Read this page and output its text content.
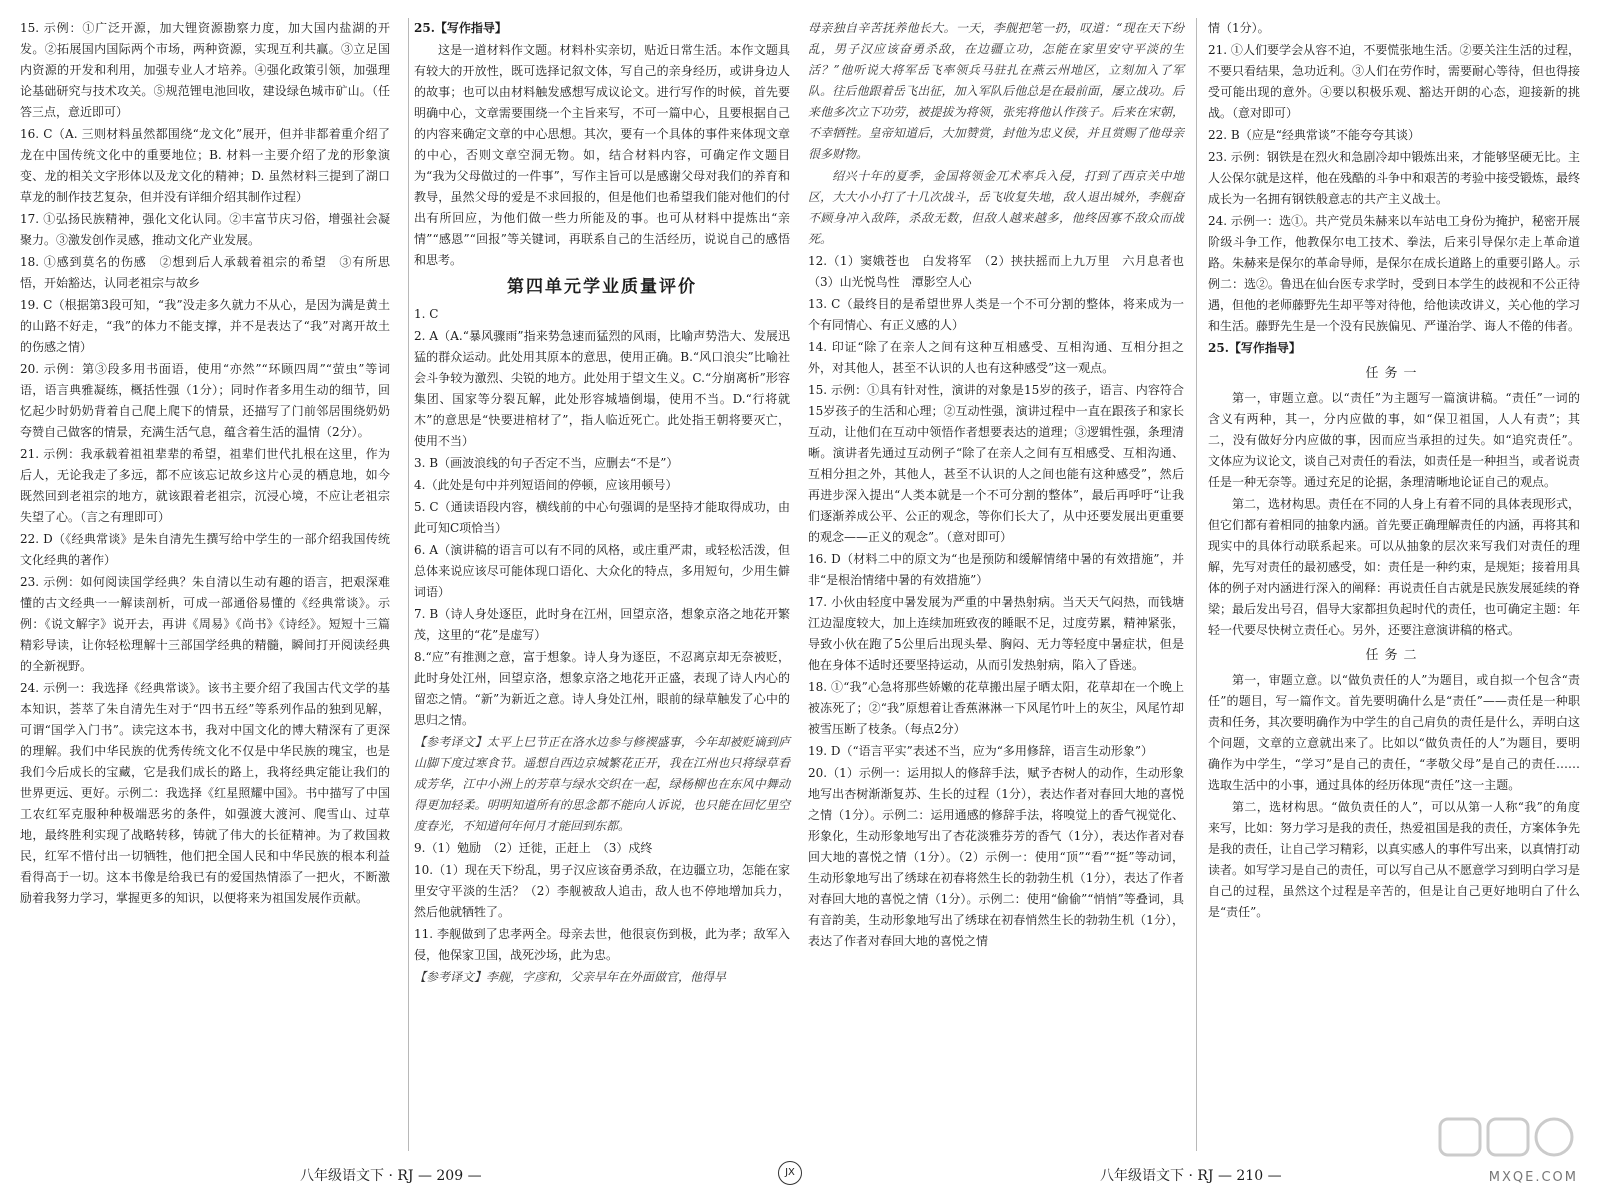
15. 示例：①广泛开源，加大锂资源勘察力度，加大国内盐湖的开发。②拓展国内国际两个市场，两种资源，实现互利共赢。③立足国内资源的开发和利用，加强专业人才培养。④强化政策引领，加强理论基础研究与技术攻关。⑤规范锂电池回收，建设绿色城市矿山。（任答三点，意近即可）

16. C（A. 三则材料虽然都围绕“龙文化”展开，但并非都着重介绍了龙在中国传统文化中的重要地位；B. 材料一主要介绍了龙的形象演变、龙的相关文字形体以及龙文化的精神；D. 虽然材料三提到了湖口草龙的制作技艺复杂，但并没有详细介绍其制作过程）

17. ①弘扬民族精神，强化文化认同。②丰富节庆习俗，增强社会凝聚力。③激发创作灵感，推动文化产业发展。

18. ①感到莫名的伤感　②想到后人承载着祖宗的希望　③有所思悟，开始豁达，认同老祖宗与故乡

19. C（根据第3段可知，“我”没走多久就力不从心，是因为满是黄土的山路不好走，“我”的体力不能支撑，并不是表达了“我”对离开故土的伤感之情）

20. 示例：第③段多用书面语，使用“亦然”“环顾四周”“萤虫”等词语，语言典雅凝练，概括性强（1分）；同时作者多用生动的细节，回忆起少时奶奶背着自己爬上爬下的情景，还描写了门前邻居围绕奶奶夸赞自己做客的情景，充满生活气息，蕴含着生活的温情（2分）。

21. 示例：我承载着祖祖辈辈的希望，祖辈们世代扎根在这里，作为后人，无论我走了多远，都不应该忘记故乡这片心灵的栖息地，如今既然回到老祖宗的地方，就该跟着老祖宗，沉浸心境，不应让老祖宗失望了心。（言之有理即可）

22. D（《经典常谈》是朱自清先生撰写给中学生的一部介绍我国传统文化经典的著作）

23. 示例：如何阅读国学经典？朱自清以生动有趣的语言，把艰深难懂的古文经典一一解读剖析，可成一部通俗易懂的《经典常谈》。示例：《说文解字》说开去，再讲《周易》《尚书》《诗经》。短短十三篇精彩导读，让你轻松理解十三部国学经典的精髓，瞬间打开阅读经典的全新视野。

24. 示例一：我选择《经典常谈》。该书主要介绍了我国古代文学的基本知识，荟萃了朱自清先生对于“四书五经”等系列作品的独到见解，可谓“国学入门书”。读完这本书，我对中国文化的博大精深有了更深的理解。我们中华民族的优秀传统文化不仅是中华民族的瑰宝，也是我们今后成长的宝藏，它是我们成长的路上，我将经典定能让我们的世界更远、更好。示例二：我选择《红星照耀中国》。书中描写了中国工农红军克服种种极端恶劣的条件，如强渡大渡河、爬雪山、过草地，最终胜利实现了战略转移，铸就了伟大的长征精神。为了救国救民，红军不惜付出一切牺牲，他们把全国人民和中华民族的根本利益看得高于一切。这本书像是给我已有的爱国热情添了一把火，不断激励着我努力学习，掌握更多的知识，以便将来为祖国发展作贡献。

25.【写作指导】

这是一道材料作文题。材料朴实亲切，贴近日常生活。本作文题具有较大的开放性，既可选择记叙文体，写自己的亲身经历，或讲身边人的故事；也可以由材料触发感想写成议论文。进行写作的时候，首先要明确中心，文章需要围绕一个主旨来写，不可一篇中心，且要根据自己的内容来确定文章的中心思想。其次，要有一个具体的事件来体现文章的中心，否则文章空洞无物。如，结合材料内容，可确定作文题目为“我为父母做过的一件事”，写作主旨可以是感谢父母对我们的养育和教导，虽然父母的爱是不求回报的，但是他们也希望我们能对他们的付出有所回应，为他们做一些力所能及的事。也可从材料中提炼出“亲情”“感恩”“回报”等关键词，再联系自己的生活经历，说说自己的感悟和思考。

第四单元学业质量评价

1. C

2. A（A.“暴风骤雨”指来势急速而猛烈的风雨，比喻声势浩大、发展迅猛的群众运动。此处用其原本的意思，使用正确。B.“风口浪尖”比喻社会斗争较为激烈、尖锐的地方。此处用于望文生义。C.“分崩离析”形容集团、国家等分裂瓦解，此处形容城墙倒塌，使用不当。D.“行将就木”的意思是“快要进棺材了”，指人临近死亡。此处指王朝将要灭亡，使用不当）

3. B（画波浪线的句子否定不当，应删去“不是”）

4.（此处是句中并列短语间的停顿，应该用顿号）

5. C（通读语段内容，横线前的中心句强调的是坚持才能取得成功，由此可知C项恰当）

6. A（演讲稿的语言可以有不同的风格，或庄重严肃，或轻松活泼，但总体来说应该尽可能体现口语化、大众化的特点，多用短句，少用生僻词语）

7. B（诗人身处逐臣，此时身在江州，回望京洛，想象京洛之地花开繁茂，这里的“花”是虚写）

8.“应”有推测之意，富于想象。诗人身为逐臣，不忍离京却无奈被贬，此时身处江州，回望京洛，想象京洛之地花开正盛，表现了诗人内心的留恋之情。“新”为新近之意。诗人身处江州，眼前的绿草触发了心中的思归之情。

【参考译文】太平上巳节正在洛水边参与修禊盛事，今年却被贬谪到庐山脚下度过寒食节。遥想自西边京城繁花正开，我在江州也只将绿草看成芳华，江中小洲上的芳草与绿水交织在一起，绿杨柳也在东风中舞动得更加轻柔。明明知道所有的思念都不能向人诉说，也只能在回忆里空度春光，不知道何年何月才能回到东都。

9.（1）勉励　（2）迁徙，正赶上　（3）戍终

10.（1）现在天下纷乱，男子汉应该奋勇杀敌，在边疆立功，怎能在家里安守平淡的生活？（2）李舰被敌人追击，敌人也不停地增加兵力，然后他就牺牲了。

11. 李舰做到了忠孝两全。母亲去世，他很哀伤到极，此为孝；敌军入侵，他保家卫国，战死沙场，此为忠。

【参考译文】李舰，字彦和，父亲早年在外面做官，他得早

母亲独自辛苦抚养他长大。一天，李舰把笔一扔，叹道：“现在天下纷乱，男子汉应该奋勇杀敌，在边疆立功，怎能在家里安守平淡的生活？”他听说大将军岳飞率领兵马驻扎在燕云州地区，立刻加入了军队。往后他跟着岳飞出征，加入军队后他总是在最前面，屡立战功。后来他多次立下功劳，被提拔为将领，张宪将他认作孩子。后来在宋朝，不幸牺牲。皇帝知道后，大加赞赏，封他为忠义侯，并且赏赐了他母亲很多财物。

绍兴十年的夏季，金国将领金兀术率兵入侵，打到了西京关中地区，大大小小打了十几次战斗，岳飞收复失地，敌人退出城外，李舰奋不顾身冲入敌阵，杀敌无数，但敌人越来越多，他终因寡不敌众而战死。

12.（1）窦娥苍也　白发将军　（2）挟扶摇而上九万里　六月息者也　（3）山光悦鸟性　潭影空人心

13. C（最终目的是希望世界人类是一个不可分割的整体，将来成为一个有同情心、有正义感的人）

14. 印证“除了在亲人之间有这种互相感受、互相沟通、互相分担之外，对其他人，甚至不认识的人也有这种感受”这一观点。

15. 示例：①具有针对性，演讲的对象是15岁的孩子，语言、内容符合15岁孩子的生活和心理；②互动性强，演讲过程中一直在跟孩子和家长互动，让他们在互动中领悟作者想要表达的道理；③逻辑性强，条理清晰。演讲者先通过互动例子“除了在亲人之间有互相感受、互相沟通、互相分担之外，其他人，甚至不认识的人之间也能有这种感受”，然后再进步深入提出“人类本就是一个不可分割的整体”，最后再呼吁“让我们逐渐养成公平、公正的观念，等你们长大了，从中还要发展出更重要的观念——正义的观念”。（意对即可）

16. D（材料二中的原文为“也是预防和缓解情绪中暑的有效措施”，并非“是根治情绪中暑的有效措施”）

17. 小伙由轻度中暑发展为严重的中暑热射病。当天天气闷热，而钱塘江边湿度较大，加上连续加班致夜的睡眠不足，过度劳累，精神紧张，导致小伙在跑了5公里后出现头晕、胸闷、无力等轻度中暑症状，但是他在身体不适时还要坚持运动，从而引发热射病，陷入了昏迷。

18. ①“我”心急将那些娇嫩的花草搬出屋子晒太阳，花草却在一个晚上被冻死了；②“我”原想着让香蕉淋淋一下风尾竹叶上的灰尘，风尾竹却被雪压断了枝条。（每点2分）

19. D（“语言平实”表述不当，应为“多用修辞，语言生动形象”）

20.（1）示例一：运用拟人的修辞手法，赋予杏树人的动作，生动形象地写出杏树渐渐复苏、生长的过程（1分），表达作者对春回大地的喜悦之情（1分）。示例二：运用通感的修辞手法，将嗅觉上的香气视觉化、形象化，生动形象地写出了杏花淡雅芬芳的香气（1分），表达作者对春回大地的喜悦之情（1分）。（2）示例一：使用“顶”“看”“挺”等动词，生动形象地写出了绣球在初春将然生长的勃勃生机（1分），表达了作者对春回大地的喜悦之情（1分）。示例二：使用“偷偷”“悄悄”等叠词，具有音韵美，生动形象地写出了绣球在初春悄然生长的勃勃生机（1分），表达了作者对春回大地的喜悦之情

情（1分）。

21. ①人们要学会从容不迫，不要慌张地生活。②要关注生活的过程，不要只看结果，急功近利。③人们在劳作时，需要耐心等待，但也得接受可能出现的意外。④要以积极乐观、豁达开朗的心态，迎接新的挑战。（意对即可）

22. B（应是“经典常谈”不能夸夸其谈）

23. 示例：钢铁是在烈火和急剧冷却中锻炼出来，才能够坚硬无比。主人公保尔就是这样，他在残酷的斗争中和艰苦的考验中接受锻炼，最终成长为一名拥有钢铁般意志的共产主义战士。

24. 示例一：选①。共产党员朱赫来以车站电工身份为掩护，秘密开展阶级斗争工作，他教保尔电工技术、拳法，后来引导保尔走上革命道路。朱赫来是保尔的革命导师，是保尔在成长道路上的重要引路人。示例二：选②。鲁迅在仙台医专求学时，受到日本学生的歧视和不公正待遇，但他的老师藤野先生却平等对待他，给他读改讲义，关心他的学习和生活。藤野先生是一个没有民族偏见、严谨治学、诲人不倦的伟者。

25.【写作指导】

任务一

第一，审题立意。以“责任”为主题写一篇演讲稿。“责任”一词的含义有两种，其一，分内应做的事，如“保卫祖国，人人有责”；其二，没有做好分内应做的事，因而应当承担的过失。如“追究责任”。文体应为议论文，谈自己对责任的看法，如责任是一种担当，或者说责任是一种无奈等。通过充足的论据，条理清晰地论证自己的观点。

第二，选材构思。责任在不同的人身上有着不同的具体表现形式，但它们都有着相同的抽象内涵。首先要正确理解责任的内涵，再将其和现实中的具体行动联系起来。可以从抽象的层次来写我们对责任的理解，先写对责任的最初感受，如：责任是一种约束，是规矩；接着用具体的例子对内涵进行深入的阐释：再说责任自古就是民族发展延续的脊梁；最后发出号召，倡导大家都担负起时代的责任，也可确定主题：年轻一代要尽快树立责任心。另外，还要注意演讲稿的格式。

任务二

第一，审题立意。以“做负责任的人”为题目，或自拟一个包含“责任”的题目，写一篇作文。首先要明确什么是“责任”——责任是一种职责和任务，其次要明确作为中学生的自己肩负的责任是什么，弄明白这个问题，文章的立意就出来了。比如以“做负责任的人”为题目，要明确作为中学生，“学习”是自己的责任，“孝敬父母”是自己的责任……选取生活中的小事，通过具体的经历体现“责任”这一主题。

第二，选材构思。“做负责任的人”，可以从第一人称“我”的角度来写，比如：努力学习是我的责任，热爱祖国是我的责任，方案体争先是我的责任，让自己学习精彩，以真实感人的事件写出来，以真情打动读者。如写学习是自己的责任，可以写自己从不愿意学习到明白学习是自己的过程，虽然这个过程是辛苦的，但是让自己更好地明白了什么是“责任”。

八年级语文下 · RJ — 209 —	JX	八年级语文下 · RJ — 210 —	MXQE.COM
